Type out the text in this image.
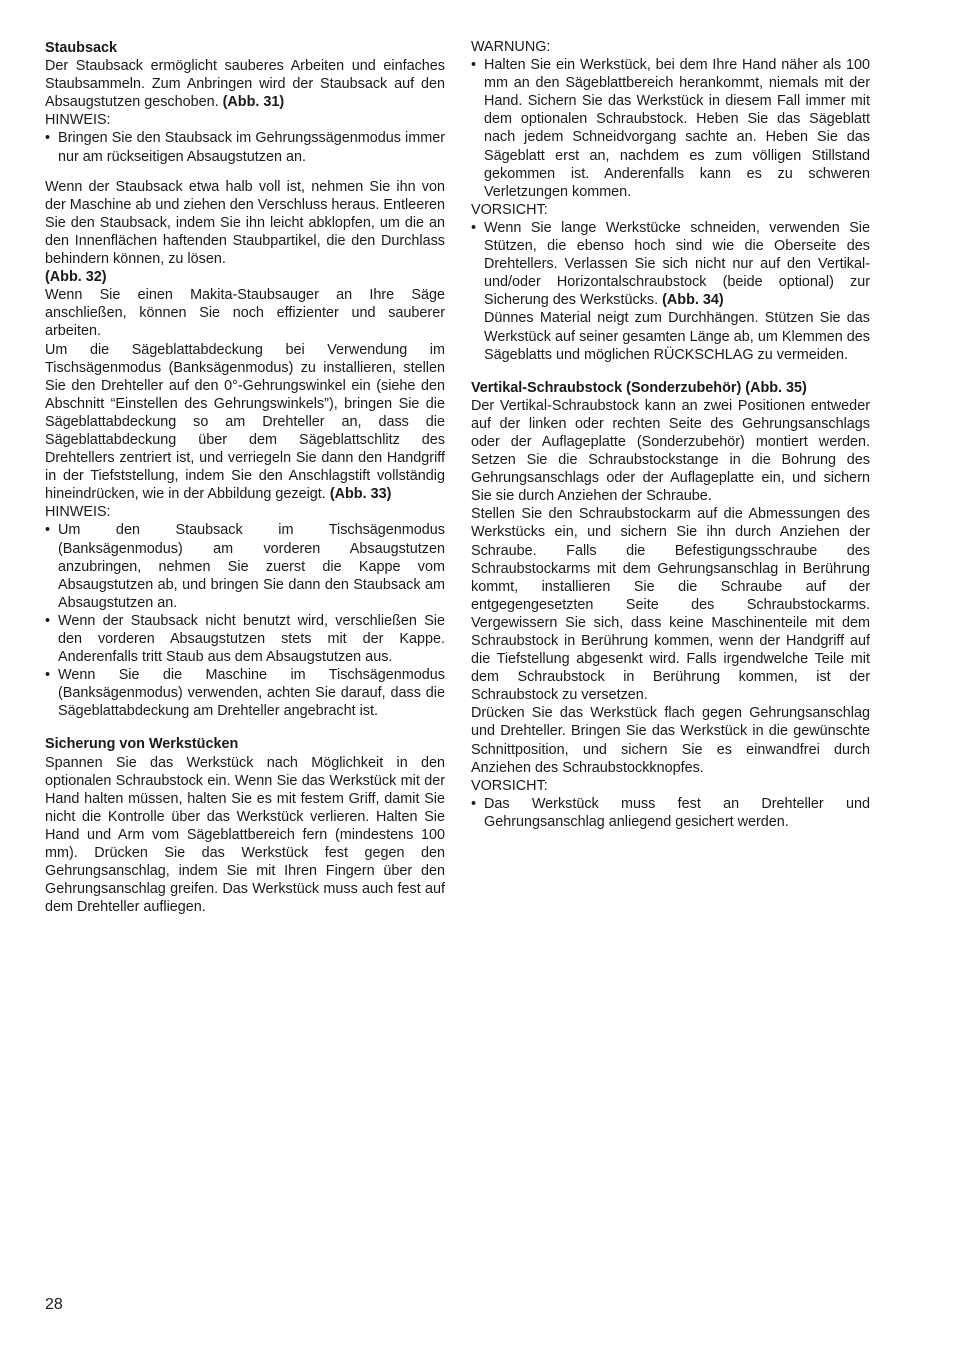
Staubsack

Der Staubsack ermöglicht sauberes Arbeiten und einfaches Staubsammeln. Zum Anbringen wird der Staubsack auf den Absaugstutzen geschoben. (Abb. 31)

HINWEIS:

• Bringen Sie den Staubsack im Gehrungssägenmodus immer nur am rückseitigen Absaugstutzen an.

Wenn der Staubsack etwa halb voll ist, nehmen Sie ihn von der Maschine ab und ziehen den Verschluss heraus. Entleeren Sie den Staubsack, indem Sie ihn leicht abklopfen, um die an den Innenflächen haftenden Staubpartikel, die den Durchlass behindern können, zu lösen.
(Abb. 32)

Wenn Sie einen Makita-Staubsauger an Ihre Säge anschließen, können Sie noch effizienter und sauberer arbeiten.

Um die Sägeblattabdeckung bei Verwendung im Tischsägenmodus (Banksägenmodus) zu installieren, stellen Sie den Drehteller auf den 0°-Gehrungswinkel ein (siehe den Abschnitt “Einstellen des Gehrungswinkels”), bringen Sie die Sägeblattabdeckung so am Drehteller an, dass die Sägeblattabdeckung über dem Sägeblattschlitz des Drehtellers zentriert ist, und verriegeln Sie dann den Handgriff in der Tiefststellung, indem Sie den Anschlagstift vollständig hineindrücken, wie in der Abbildung gezeigt. (Abb. 33)

HINWEIS:

• Um den Staubsack im Tischsägenmodus (Banksägenmodus) am vorderen Absaugstutzen anzubringen, nehmen Sie zuerst die Kappe vom Absaugstutzen ab, und bringen Sie dann den Staubsack am Absaugstutzen an.
• Wenn der Staubsack nicht benutzt wird, verschließen Sie den vorderen Absaugstutzen stets mit der Kappe. Anderenfalls tritt Staub aus dem Absaugstutzen aus.
• Wenn Sie die Maschine im Tischsägenmodus (Banksägenmodus) verwenden, achten Sie darauf, dass die Sägeblattabdeckung am Drehteller angebracht ist.

Sicherung von Werkstücken

Spannen Sie das Werkstück nach Möglichkeit in den optionalen Schraubstock ein. Wenn Sie das Werkstück mit der Hand halten müssen, halten Sie es mit festem Griff, damit Sie nicht die Kontrolle über das Werkstück verlieren. Halten Sie Hand und Arm vom Sägeblattbereich fern (mindestens 100 mm). Drücken Sie das Werkstück fest gegen den Gehrungsanschlag, indem Sie mit Ihren Fingern über den Gehrungsanschlag greifen. Das Werkstück muss auch fest auf dem Drehteller aufliegen.

WARNUNG:

• Halten Sie ein Werkstück, bei dem Ihre Hand näher als 100 mm an den Sägeblattbereich herankommt, niemals mit der Hand. Sichern Sie das Werkstück in diesem Fall immer mit dem optionalen Schraubstock. Heben Sie das Sägeblatt nach jedem Schneidvorgang sachte an. Heben Sie das Sägeblatt erst an, nachdem es zum völligen Stillstand gekommen ist. Anderenfalls kann es zu schweren Verletzungen kommen.

VORSICHT:

• Wenn Sie lange Werkstücke schneiden, verwenden Sie Stützen, die ebenso hoch sind wie die Oberseite des Drehtellers. Verlassen Sie sich nicht nur auf den Vertikal- und/oder Horizontalschraubstock (beide optional) zur Sicherung des Werkstücks. (Abb. 34)

Dünnes Material neigt zum Durchhängen. Stützen Sie das Werkstück auf seiner gesamten Länge ab, um Klemmen des Sägeblatts und möglichen RÜCKSCHLAG zu vermeiden.

Vertikal-Schraubstock (Sonderzubehör) (Abb. 35)

Der Vertikal-Schraubstock kann an zwei Positionen entweder auf der linken oder rechten Seite des Gehrungsanschlags oder der Auflageplatte (Sonderzubehör) montiert werden. Setzen Sie die Schraubstockstange in die Bohrung des Gehrungsanschlags oder der Auflageplatte ein, und sichern Sie sie durch Anziehen der Schraube.

Stellen Sie den Schraubstockarm auf die Abmessungen des Werkstücks ein, und sichern Sie ihn durch Anziehen der Schraube. Falls die Befestigungsschraube des Schraubstockarms mit dem Gehrungsanschlag in Berührung kommt, installieren Sie die Schraube auf der entgegengesetzten Seite des Schraubstockarms. Vergewissern Sie sich, dass keine Maschinenteile mit dem Schraubstock in Berührung kommen, wenn der Handgriff auf die Tiefstellung abgesenkt wird. Falls irgendwelche Teile mit dem Schraubstock in Berührung kommen, ist der Schraubstock zu versetzen.

Drücken Sie das Werkstück flach gegen Gehrungsanschlag und Drehteller. Bringen Sie das Werkstück in die gewünschte Schnittposition, und sichern Sie es einwandfrei durch Anziehen des Schraubstockknopfes.

VORSICHT:

• Das Werkstück muss fest an Drehteller und Gehrungsanschlag anliegend gesichert werden.
28
